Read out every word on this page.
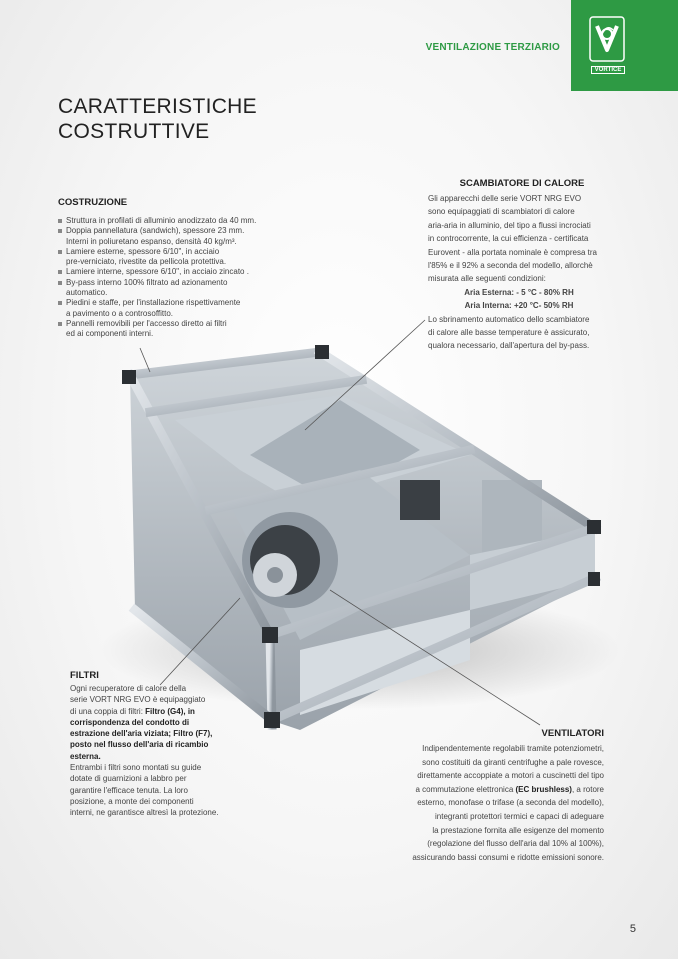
VENTILAZIONE TERZIARIO
VORTICE
CARATTERISTICHE
COSTRUTTIVE
COSTRUZIONE
Struttura in profilati di alluminio anodizzato da 40 mm.
Doppia pannellatura (sandwich), spessore 23 mm.
Interni in poliuretano espanso, densità 40 kg/m³.
Lamiere esterne, spessore 6/10", in acciaio
pre-verniciato, rivestite da pellicola protettiva.
Lamiere interne, spessore 6/10", in acciaio zincato .
By-pass interno 100% filtrato ad azionamento
automatico.
Piedini e staffe, per l'installazione rispettivamente
a pavimento o a controsoffitto.
Pannelli removibili per l'accesso diretto ai filtri
ed ai componenti interni.
SCAMBIATORE DI CALORE

Gli apparecchi delle serie VORT NRG EVO
sono equipaggiati di scambiatori di calore
aria-aria in alluminio, del tipo a flussi incrociati
in controcorrente, la cui efficienza - certificata
Eurovent - alla portata nominale è compresa tra
l'85% e il 92% a seconda del modello, allorchè
misurata alle seguenti condizioni:

Aria Esterna: - 5 °C - 80% RH

Aria Interna: +20 °C- 50% RH

Lo sbrinamento automatico dello scambiatore
di calore alle basse temperature è assicurato,
qualora necessario, dall'apertura del by-pass.

FILTRI

Ogni recuperatore di calore della
serie VORT NRG EVO è equipaggiato
di una coppia di filtri: Filtro (G4), in
corrispondenza del condotto di
estrazione dell'aria viziata; Filtro (F7),
posto nel flusso dell'aria di ricambio
esterna.

Entrambi i filtri sono montati su guide
dotate di guarnizioni a labbro per
garantire l'efficace tenuta. La loro
posizione, a monte dei componenti
interni, ne garantisce altresì la protezione.

VENTILATORI

Indipendentemente regolabili tramite potenziometri,
sono costituiti da giranti centrifughe a pale rovesce,
direttamente accoppiate a motori a cuscinetti del tipo
a commutazione elettronica (EC brushless), a rotore
esterno, monofase o trifase (a seconda del modello),
integranti protettori termici e capaci di adeguare
la prestazione fornita alle esigenze del momento
(regolazione del flusso dell'aria dal 10% al 100%),
assicurando bassi consumi e ridotte emissioni sonore.

5
